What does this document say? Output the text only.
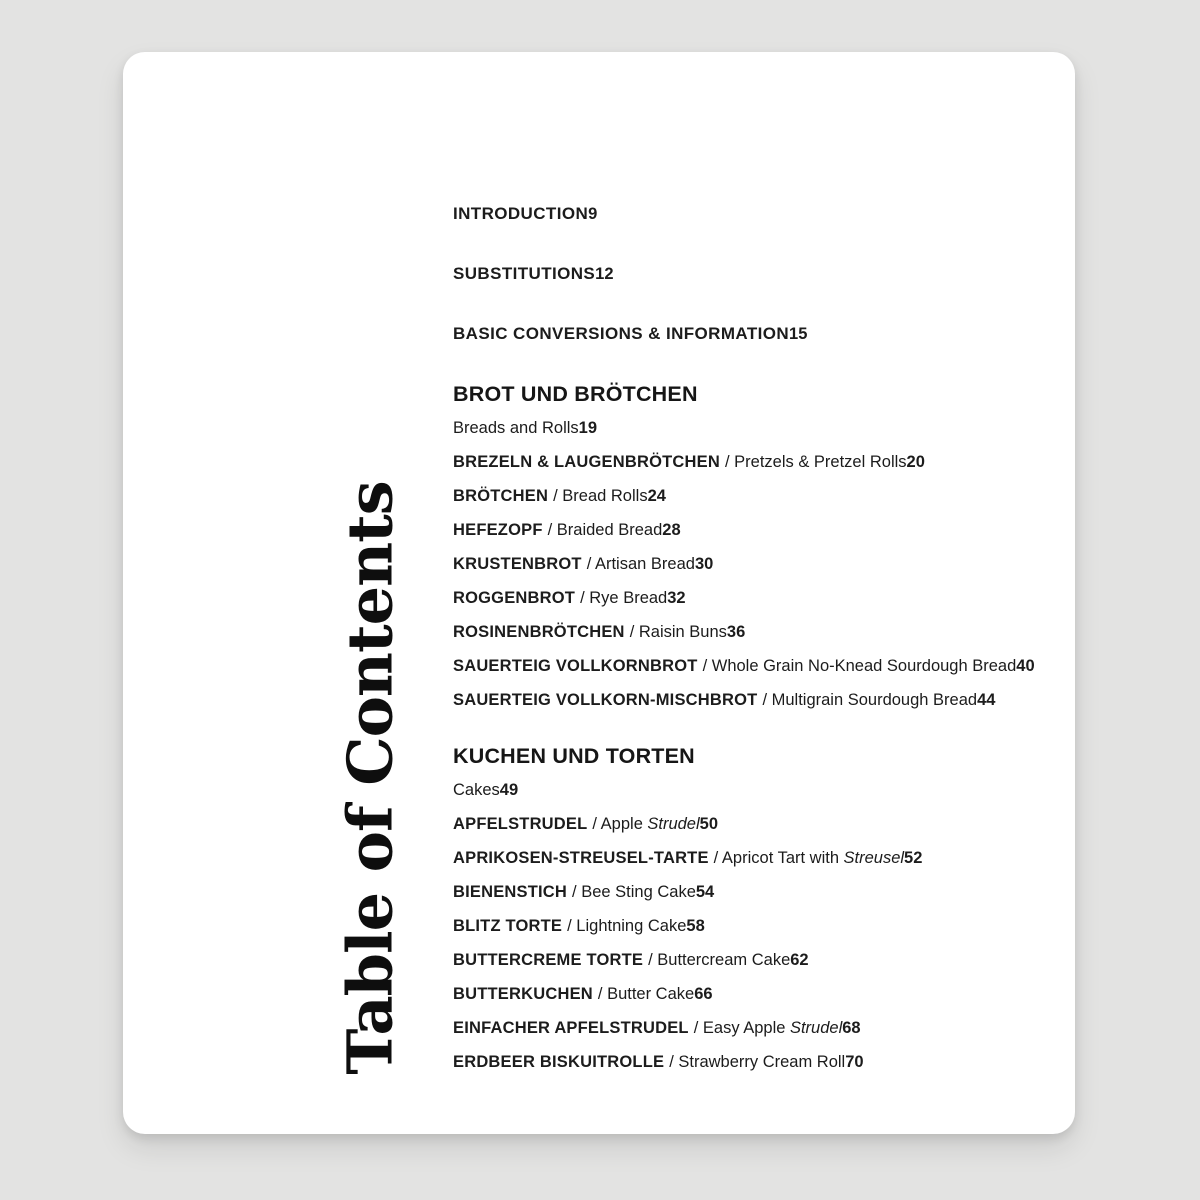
Table of Contents
INTRODUCTION 9
SUBSTITUTIONS 12
BASIC CONVERSIONS & INFORMATION 15
BROT UND BRÖTCHEN
Breads and Rolls 19
BREZELN & LAUGENBRÖTCHEN / Pretzels & Pretzel Rolls 20
BRÖTCHEN / Bread Rolls 24
HEFEZOPF / Braided Bread 28
KRUSTENBROT / Artisan Bread 30
ROGGENBROT / Rye Bread 32
ROSINENBRÖTCHEN / Raisin Buns 36
SAUERTEIG VOLLKORNBROT / Whole Grain No-Knead Sourdough Bread 40
SAUERTEIG VOLLKORN-MISCHBROT / Multigrain Sourdough Bread 44
KUCHEN UND TORTEN
Cakes 49
APFELSTRUDEL / Apple Strudel 50
APRIKOSEN-STREUSEL-TARTE / Apricot Tart with Streusel 52
BIENENSTICH / Bee Sting Cake 54
BLITZ TORTE / Lightning Cake 58
BUTTERCREME TORTE / Buttercream Cake 62
BUTTERKUCHEN / Butter Cake 66
EINFACHER APFELSTRUDEL / Easy Apple Strudel 68
ERDBEER BISKUITROLLE / Strawberry Cream Roll 70
